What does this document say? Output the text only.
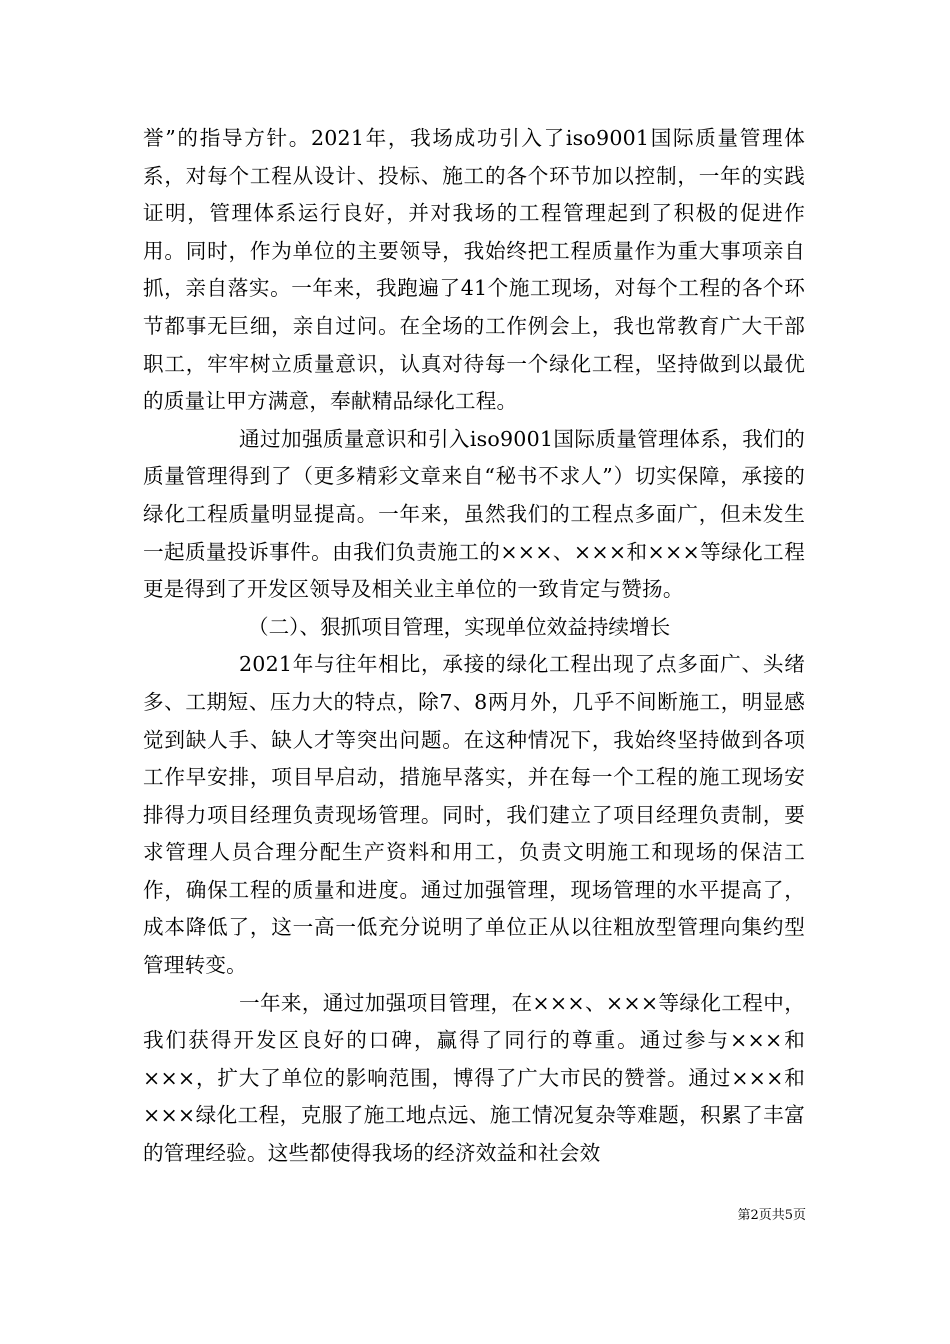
誉”的指导方针。2021年，我场成功引入了iso9001国际质量管理体系，对每个工程从设计、投标、施工的各个环节加以控制，一年的实践证明，管理体系运行良好，并对我场的工程管理起到了积极的促进作用。同时，作为单位的主要领导，我始终把工程质量作为重大事项亲自抓，亲自落实。一年来，我跑遍了41个施工现场，对每个工程的各个环节都事无巨细，亲自过问。在全场的工作例会上，我也常教育广大干部职工，牢牢树立质量意识，认真对待每一个绿化工程，坚持做到以最优的质量让甲方满意，奉献精品绿化工程。

通过加强质量意识和引入iso9001国际质量管理体系，我们的质量管理得到了（更多精彩文章来自“秘书不求人”）切实保障，承接的绿化工程质量明显提高。一年来，虽然我们的工程点多面广，但未发生一起质量投诉事件。由我们负责施工的×××、×××和×××等绿化工程更是得到了开发区领导及相关业主单位的一致肯定与赞扬。

（二）、狠抓项目管理，实现单位效益持续增长

2021年与往年相比，承接的绿化工程出现了点多面广、头绪多、工期短、压力大的特点，除7、8两月外，几乎不间断施工，明显感觉到缺人手、缺人才等突出问题。在这种情况下，我始终坚持做到各项工作早安排，项目早启动，措施早落实，并在每一个工程的施工现场安排得力项目经理负责现场管理。同时，我们建立了项目经理负责制，要求管理人员合理分配生产资料和用工，负责文明施工和现场的保洁工作，确保工程的质量和进度。通过加强管理，现场管理的水平提高了，成本降低了，这一高一低充分说明了单位正从以往粗放型管理向集约型管理转变。

一年来，通过加强项目管理，在×××、×××等绿化工程中，我们获得开发区良好的口碑，赢得了同行的尊重。通过参与×××和×××，扩大了单位的影响范围，博得了广大市民的赞誉。通过×××和×××绿化工程，克服了施工地点远、施工情况复杂等难题，积累了丰富的管理经验。这些都使得我场的经济效益和社会效

第2页共5页
